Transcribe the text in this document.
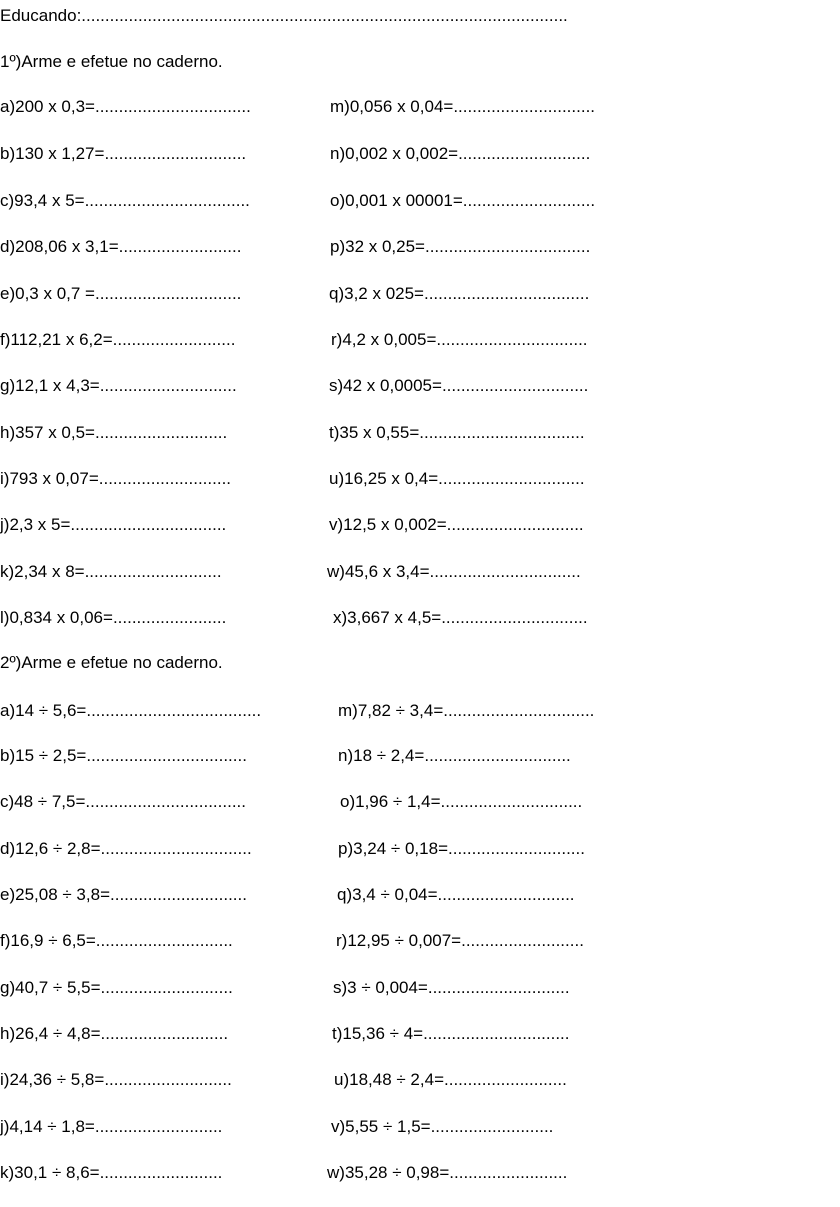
Educando:.......................................................................................................
1º)Arme e efetue no caderno.
a)200 x 0,3=.................................
b)130 x 1,27=..............................
c)93,4 x 5=...................................
d)208,06 x 3,1=..........................
e)0,3 x 0,7 =...............................
f)112,21 x 6,2=..........................
g)12,1 x 4,3=.............................
h)357 x 0,5=............................
i)793 x 0,07=............................
j)2,3 x 5=.................................
k)2,34 x 8=.............................
l)0,834 x 0,06=........................
m)0,056 x 0,04=..............................
n)0,002 x 0,002=............................
o)0,001 x 00001=............................
p)32 x 0,25=...................................
q)3,2 x 025=...................................
r)4,2 x 0,005=................................
s)42 x 0,0005=...............................
t)35 x 0,55=...................................
u)16,25 x 0,4=...............................
v)12,5 x 0,002=.............................
w)45,6 x 3,4=................................
x)3,667 x 4,5=...............................
2º)Arme e efetue no caderno.
a)14 ÷ 5,6=.....................................
b)15 ÷ 2,5=..................................
c)48 ÷ 7,5=..................................
d)12,6 ÷ 2,8=................................
e)25,08 ÷ 3,8=.............................
f)16,9 ÷ 6,5=.............................
g)40,7 ÷ 5,5=............................
h)26,4 ÷ 4,8=...........................
i)24,36 ÷ 5,8=...........................
j)4,14 ÷ 1,8=...........................
k)30,1 ÷ 8,6=..........................
m)7,82 ÷ 3,4=................................
n)18 ÷ 2,4=...............................
o)1,96 ÷ 1,4=..............................
p)3,24 ÷ 0,18=.............................
q)3,4 ÷ 0,04=.............................
r)12,95 ÷ 0,007=..........................
s)3 ÷ 0,004=..............................
t)15,36 ÷ 4=...............................
u)18,48 ÷ 2,4=..........................
v)5,55 ÷ 1,5=..........................
w)35,28 ÷ 0,98=.........................
